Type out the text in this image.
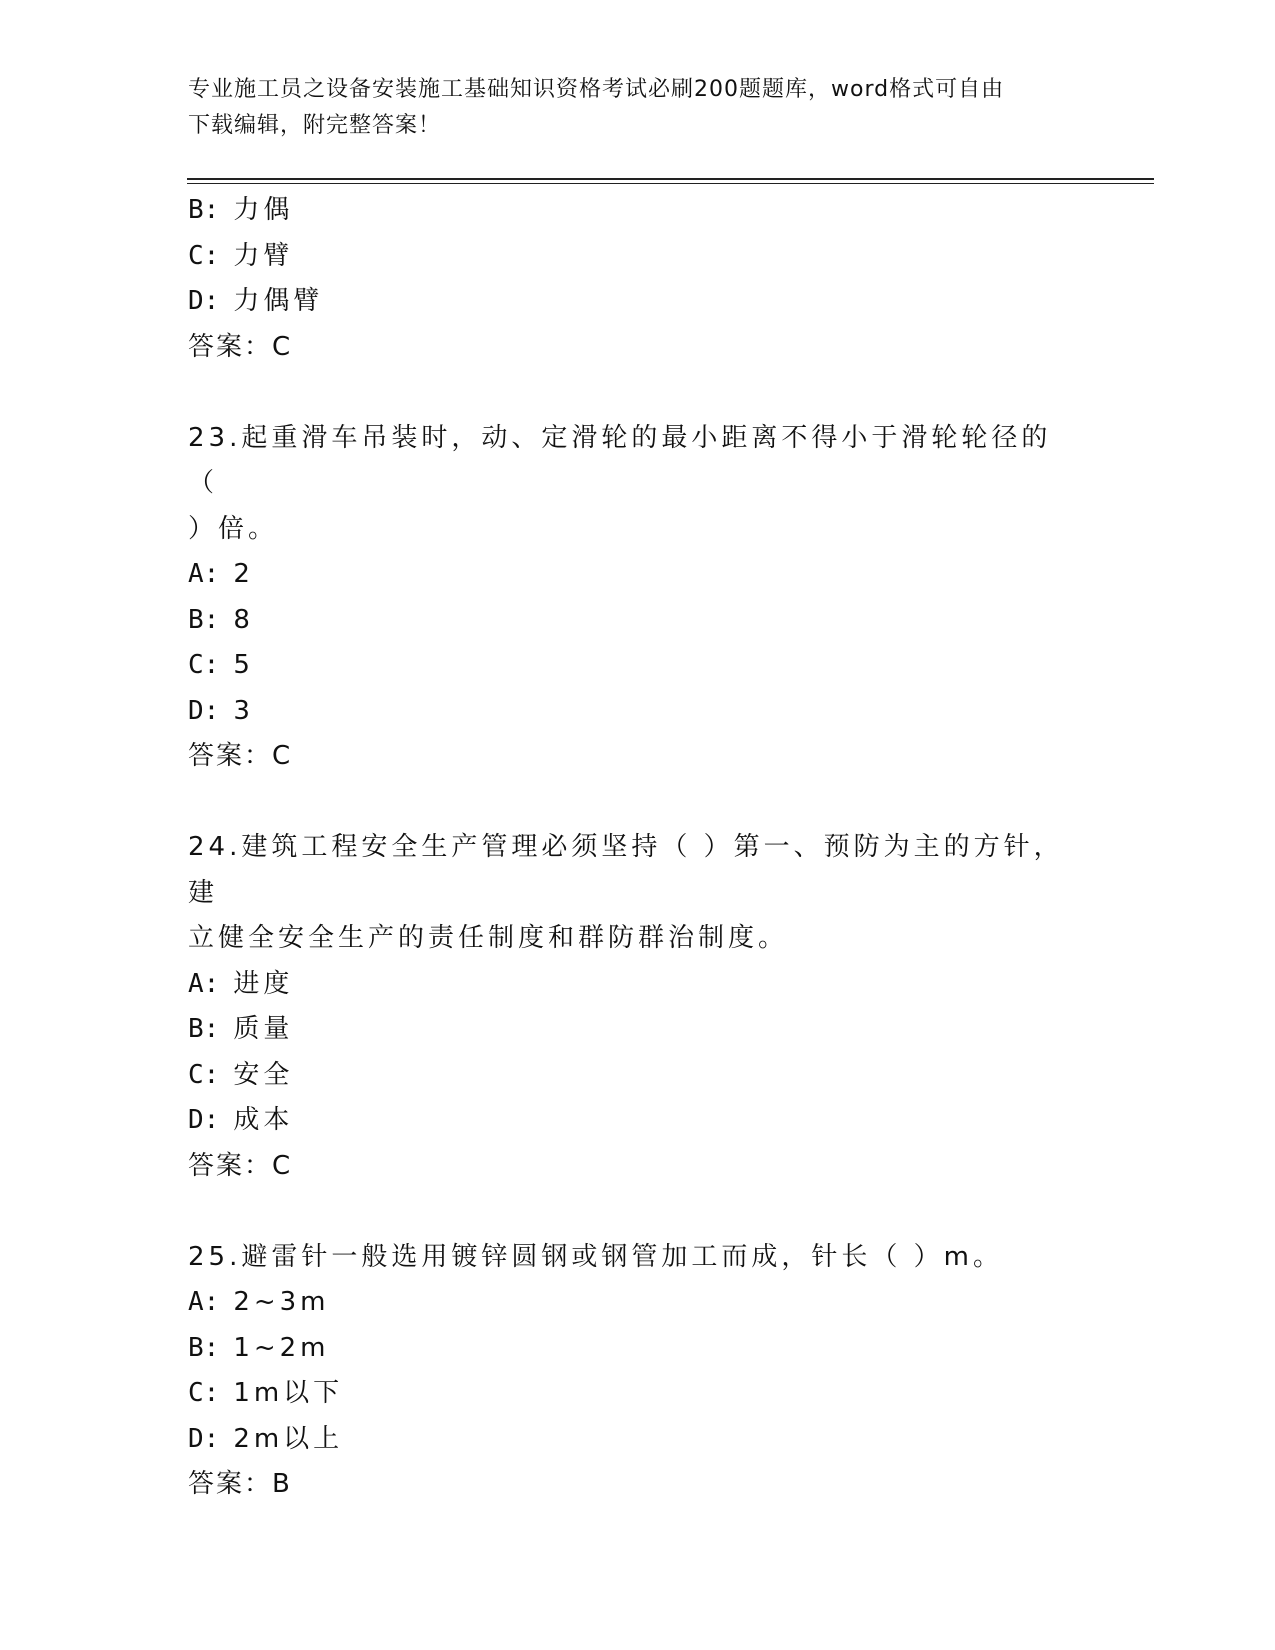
专业施工员之设备安装施工基础知识资格考试必刷200题题库，word格式可自由
下载编辑，附完整答案！
B: 力偶
C: 力臂
D: 力偶臂
答案：C
23.起重滑车吊装时，动、定滑轮的最小距离不得小于滑轮轮径的（
）倍。
A: 2
B: 8
C: 5
D: 3
答案：C
24.建筑工程安全生产管理必须坚持（ ）第一、预防为主的方针，建
立健全安全生产的责任制度和群防群治制度。
A: 进度
B: 质量
C: 安全
D: 成本
答案：C
25.避雷针一般选用镀锌圆钢或钢管加工而成，针长（ ）m。
A: 2~3m
B: 1~2m
C: 1m以下
D: 2m以上
答案：B
